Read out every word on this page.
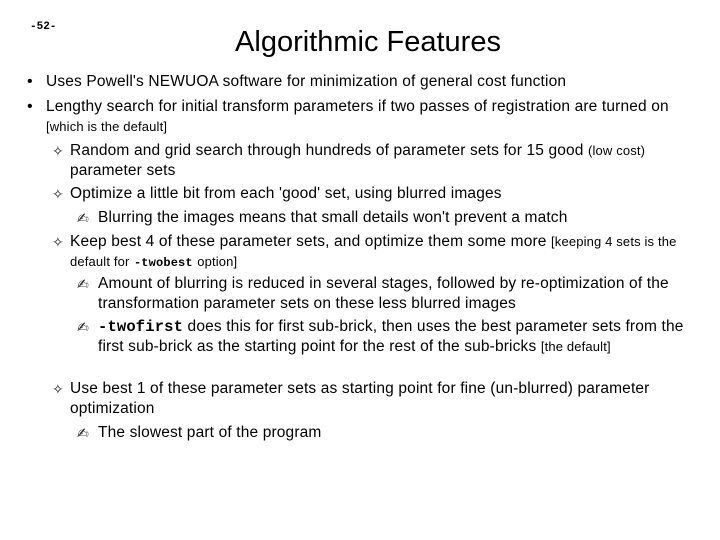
-52-	Algorithmic Features
• Uses Powell's NEWUOA software for minimization of general cost function
• Lengthy search for initial transform parameters if two passes of registration are turned on [which is the default]
✧ Random and grid search through hundreds of parameter sets for 15 good (low cost)
parameter sets
✧ Optimize a little bit from each 'good' set, using blurred images
✍ Blurring the images means that small details won't prevent a match
✧ Keep best 4 of these parameter sets, and optimize them some more [keeping 4 sets is the default for -twobest option]
✍ Amount of blurring is reduced in several stages, followed by re-optimization of the transformation parameter sets on these less blurred images
✍ -twofirst does this for first sub-brick, then uses the best parameter sets from the first sub-brick as the starting point for the rest of the sub-bricks [the default]
✧ Use best 1 of these parameter sets as starting point for fine (un-blurred) parameter optimization
✍ The slowest part of the program
